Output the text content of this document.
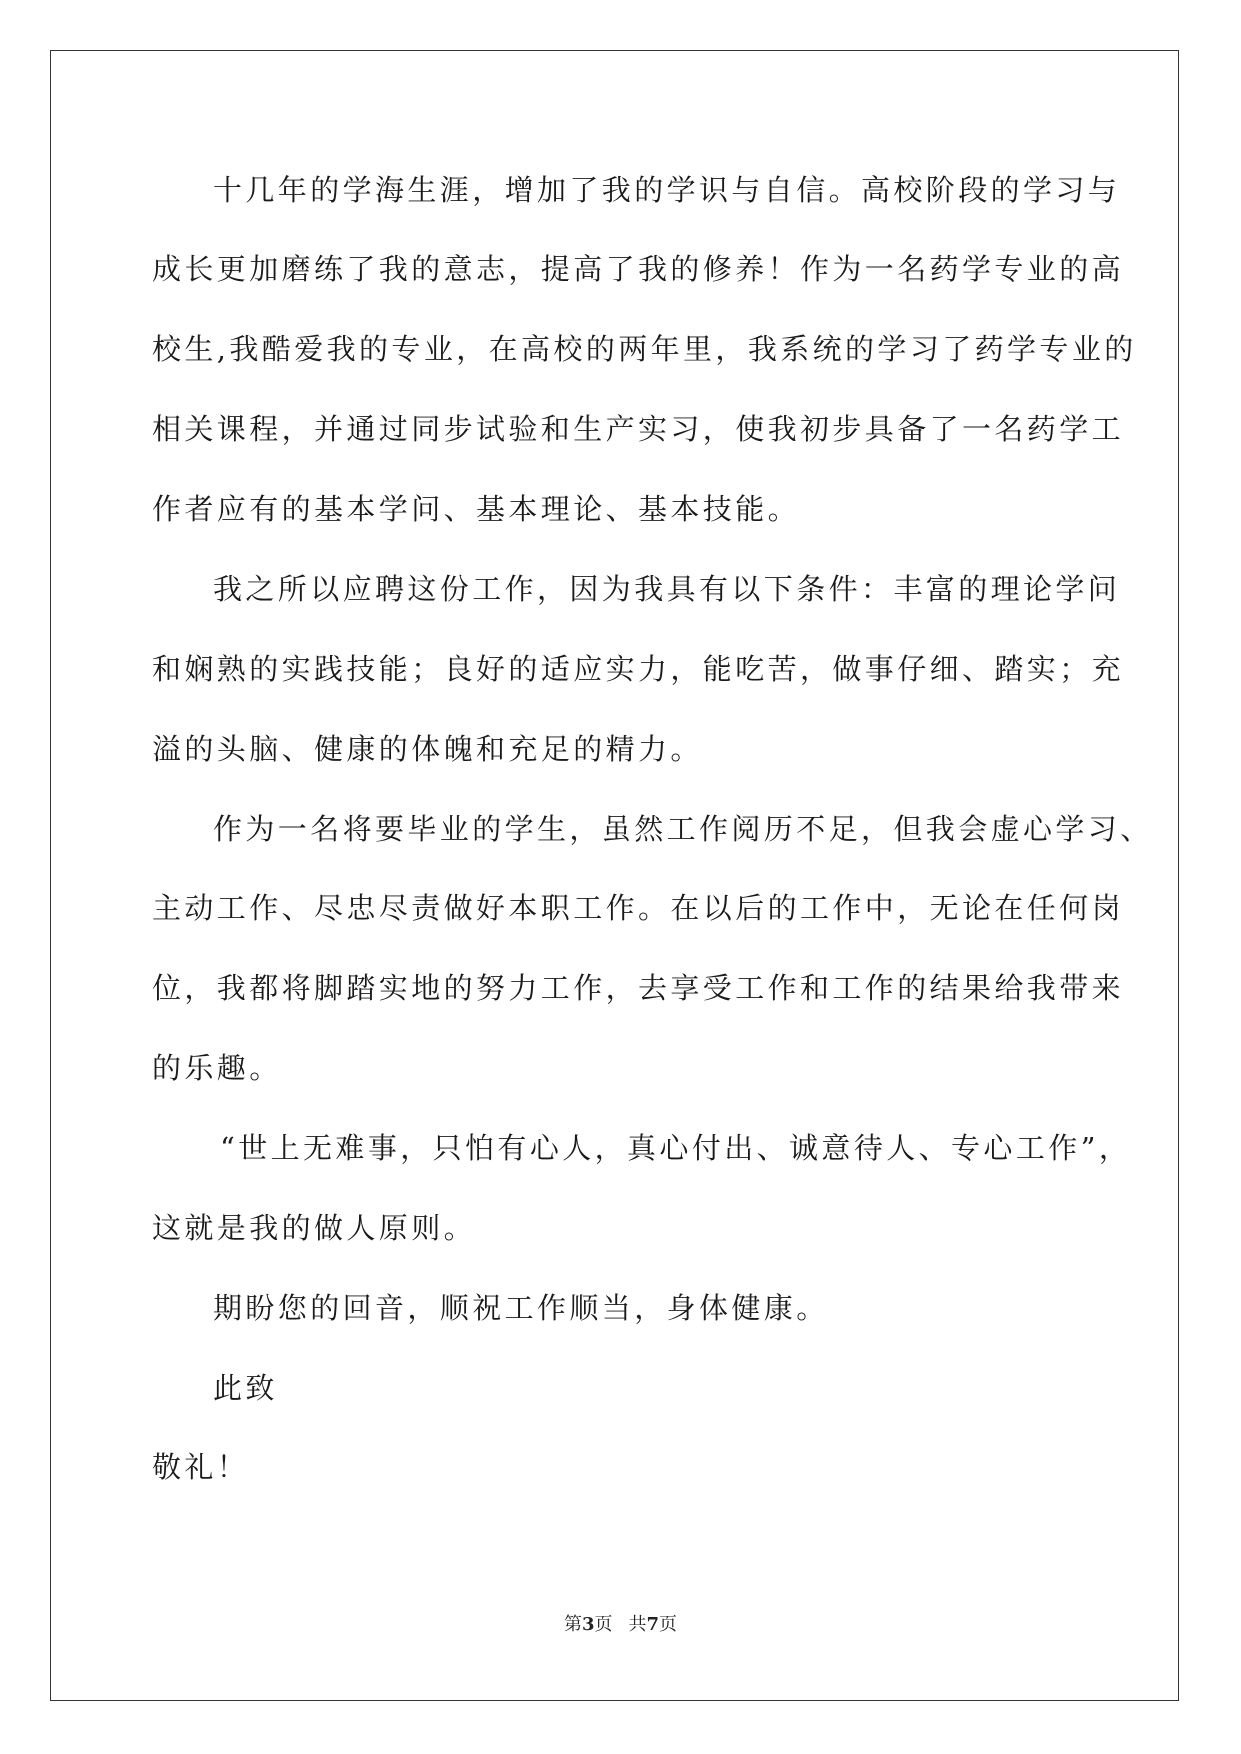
十几年的学海生涯，增加了我的学识与自信。高校阶段的学习与
成长更加磨练了我的意志，提高了我的修养！作为一名药学专业的高
校生,我酷爱我的专业，在高校的两年里，我系统的学习了药学专业的
相关课程，并通过同步试验和生产实习，使我初步具备了一名药学工
作者应有的基本学问、基本理论、基本技能。
我之所以应聘这份工作，因为我具有以下条件：丰富的理论学问
和娴熟的实践技能；良好的适应实力，能吃苦，做事仔细、踏实；充
溢的头脑、健康的体魄和充足的精力。
作为一名将要毕业的学生，虽然工作阅历不足，但我会虚心学习、
主动工作、尽忠尽责做好本职工作。在以后的工作中，无论在任何岗
位，我都将脚踏实地的努力工作，去享受工作和工作的结果给我带来
的乐趣。
“世上无难事，只怕有心人，真心付出、诚意待人、专心工作”，
这就是我的做人原则。
期盼您的回音，顺祝工作顺当，身体健康。
此致
敬礼！
第3页 共7页
